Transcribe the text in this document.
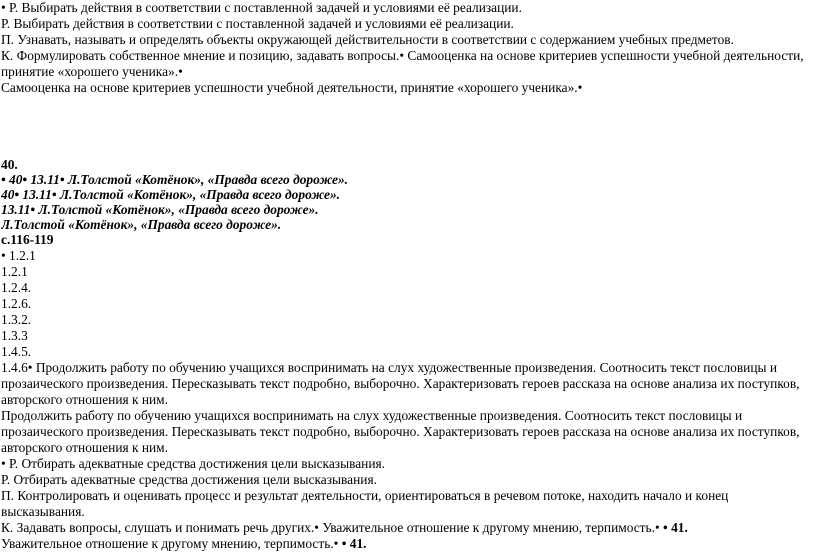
• Р. Выбирать действия в соответствии с поставленной задачей и условиями её реализации.
Р. Выбирать действия в соответствии с поставленной задачей и условиями её реализации.
П. Узнавать, называть и определять объекты окружающей действительности в соответствии с содержанием учебных предметов.
К. Формулировать собственное мнение и позицию, задавать вопросы.• Самооценка на основе критериев успешности учебной деятельности,
принятие «хорошего ученика».•
Самооценка на основе критериев успешности учебной деятельности, принятие «хорошего ученика».•
40.
• 40• 13.11• Л.Толстой «Котёнок», «Правда всего дороже».
40• 13.11• Л.Толстой «Котёнок», «Правда всего дороже».
13.11• Л.Толстой «Котёнок», «Правда всего дороже».
Л.Толстой «Котёнок», «Правда всего дороже».
с.116-119
• 1.2.1
1.2.1
1.2.4.
1.2.6.
1.3.2.
1.3.3
1.4.5.
1.4.6• Продолжить работу по обучению учащихся воспринимать на слух художественные произведения. Соотносить текст пословицы и
прозаического произведения. Пересказывать текст подробно, выборочно. Характеризовать героев рассказа на основе анализа их поступков,
авторского отношения к ним.
Продолжить работу по обучению учащихся воспринимать на слух художественные произведения. Соотносить текст пословицы и
прозаического произведения. Пересказывать текст подробно, выборочно. Характеризовать героев рассказа на основе анализа их поступков,
авторского отношения к ним.
• Р. Отбирать адекватные средства достижения цели высказывания.
Р. Отбирать адекватные средства достижения цели высказывания.
П. Контролировать и оценивать процесс и результат деятельности, ориентироваться в речевом потоке, находить начало и конец
высказывания.
К. Задавать вопросы, слушать и понимать речь других.• Уважительное отношение к другому мнению, терпимость.• • 41.
Уважительное отношение к другому мнению, терпимость.• • 41.
